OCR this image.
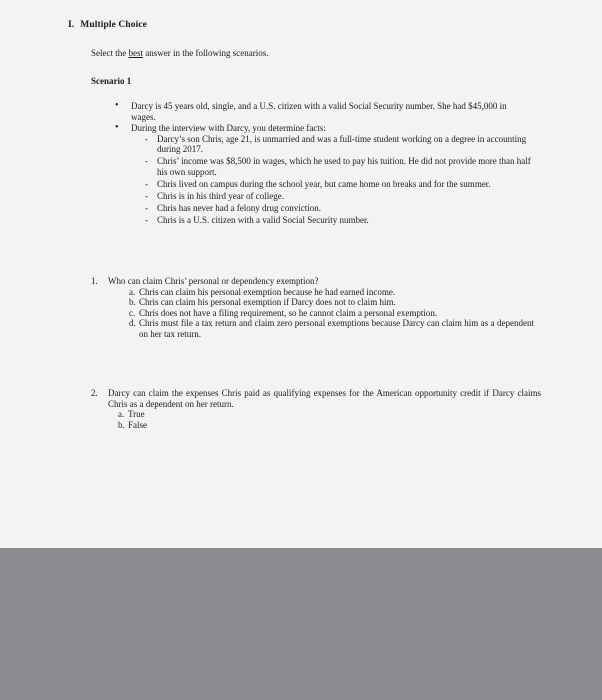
I. Multiple Choice
Select the best answer in the following scenarios.
Scenario 1
• Darcy is 45 years old, single, and a U.S. citizen with a valid Social Security number. She had $45,000 in wages.
• During the interview with Darcy, you determine facts:
- Darcy’s son Chris, age 21, is unmarried and was a full-time student working on a degree in accounting during 2017.
- Chris’ income was $8,500 in wages, which he used to pay his tuition. He did not provide more than half his own support.
- Chris lived on campus during the school year, but came home on breaks and for the summer.
- Chris is in his third year of college.
- Chris has never had a felony drug conviction.
- Chris is a U.S. citizen with a valid Social Security number.
1. Who can claim Chris’ personal or dependency exemption?
a. Chris can claim his personal exemption because he had earned income.
b. Chris can claim his personal exemption if Darcy does not to claim him.
c. Chris does not have a filing requirement, so he cannot claim a personal exemption.
d. Chris must file a tax return and claim zero personal exemptions because Darcy can claim him as a dependent on her tax return.
2. Darcy can claim the expenses Chris paid as qualifying expenses for the American opportunity credit if Darcy claims Chris as a dependent on her return.
a. True
b. False
